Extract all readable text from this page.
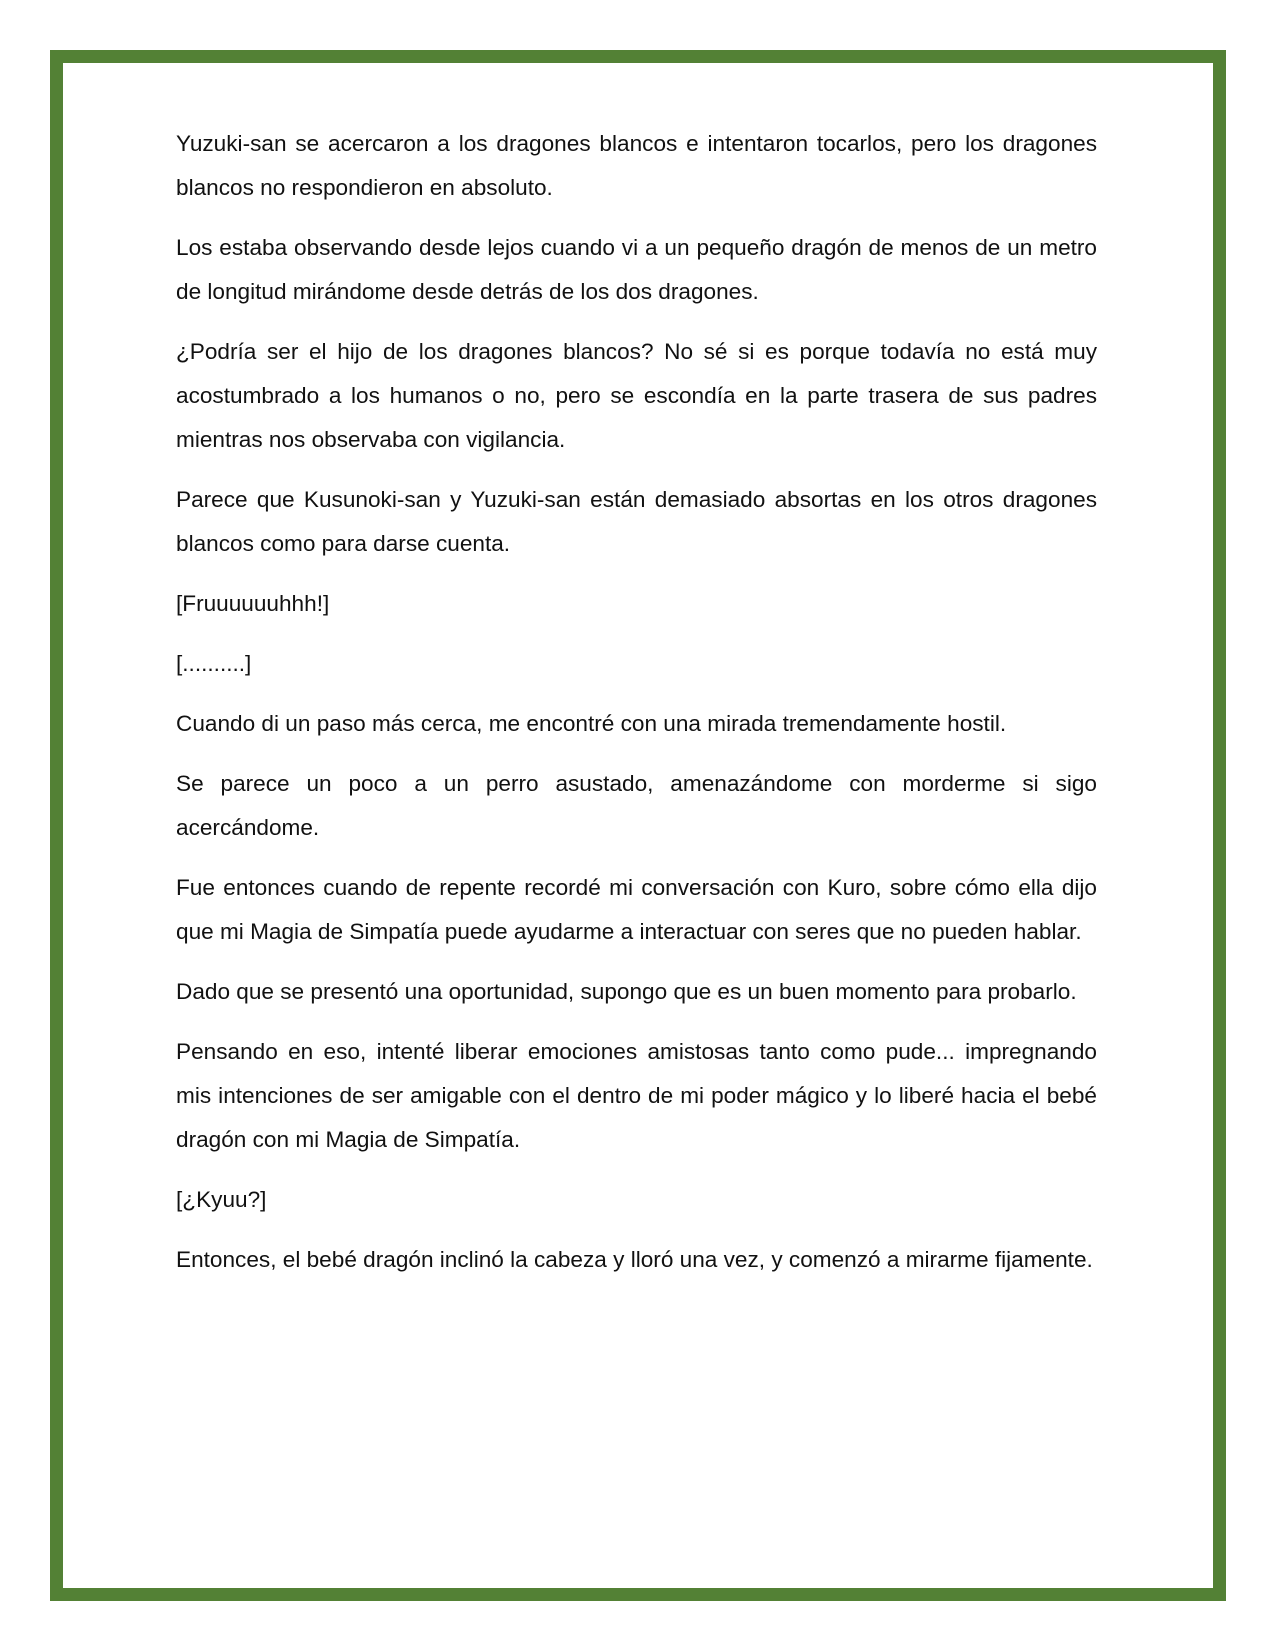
Yuzuki-san se acercaron a los dragones blancos e intentaron tocarlos, pero los dragones blancos no respondieron en absoluto.

Los estaba observando desde lejos cuando vi a un pequeño dragón de menos de un metro de longitud mirándome desde detrás de los dos dragones.

¿Podría ser el hijo de los dragones blancos? No sé si es porque todavía no está muy acostumbrado a los humanos o no, pero se escondía en la parte trasera de sus padres mientras nos observaba con vigilancia.

Parece que Kusunoki-san y Yuzuki-san están demasiado absortas en los otros dragones blancos como para darse cuenta.

[Fruuuuuuhhh!]

[..........]

Cuando di un paso más cerca, me encontré con una mirada tremendamente hostil.

Se parece un poco a un perro asustado, amenazándome con morderme si sigo acercándome.

Fue entonces cuando de repente recordé mi conversación con Kuro, sobre cómo ella dijo que mi Magia de Simpatía puede ayudarme a interactuar con seres que no pueden hablar.

Dado que se presentó una oportunidad, supongo que es un buen momento para probarlo.

Pensando en eso, intenté liberar emociones amistosas tanto como pude... impregnando mis intenciones de ser amigable con el dentro de mi poder mágico y lo liberé hacia el bebé dragón con mi Magia de Simpatía.

[¿Kyuu?]

Entonces, el bebé dragón inclinó la cabeza y lloró una vez, y comenzó a mirarme fijamente.
